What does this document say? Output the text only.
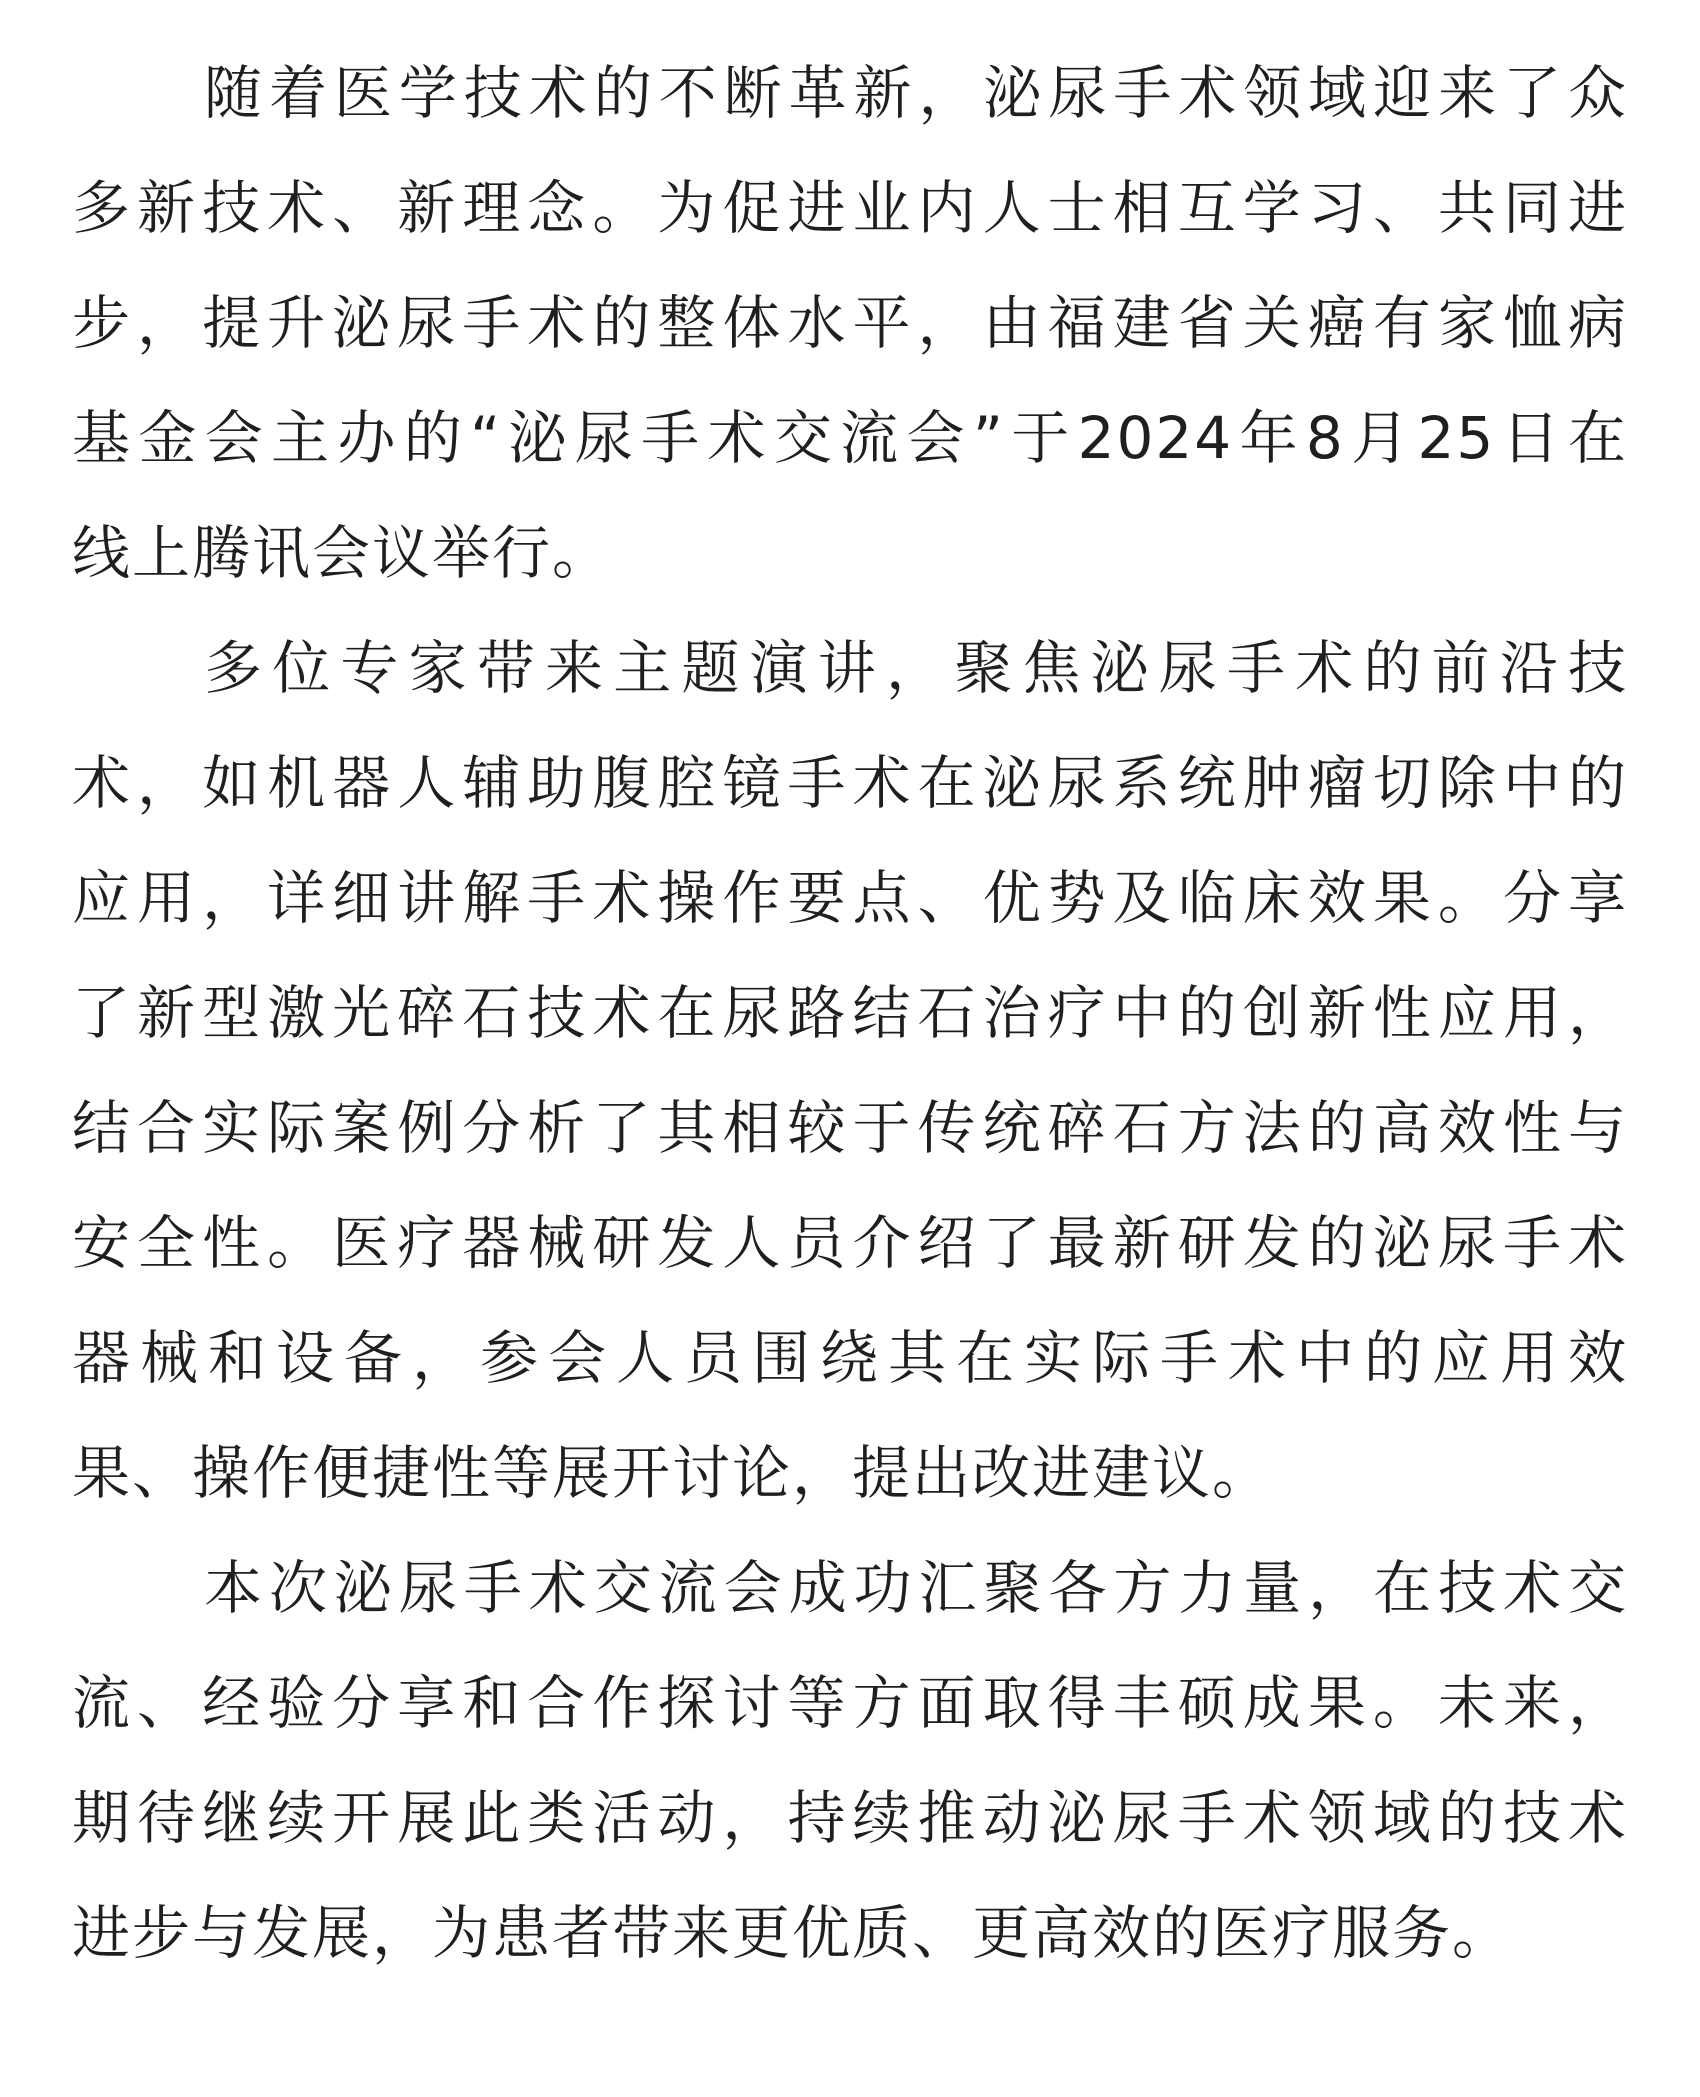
随着医学技术的不断革新，泌尿手术领域迎来了众
多新技术、新理念。为促进业内人士相互学习、共同进
步，提升泌尿手术的整体水平，由福建省关癌有家恤病
基金会主办的“泌尿手术交流会”于2024年8月25日在
线上腾讯会议举行。
多位专家带来主题演讲，聚焦泌尿手术的前沿技
术，如机器人辅助腹腔镜手术在泌尿系统肿瘤切除中的
应用，详细讲解手术操作要点、优势及临床效果。分享
了新型激光碎石技术在尿路结石治疗中的创新性应用，
结合实际案例分析了其相较于传统碎石方法的高效性与
安全性。医疗器械研发人员介绍了最新研发的泌尿手术
器械和设备，参会人员围绕其在实际手术中的应用效
果、操作便捷性等展开讨论，提出改进建议。
本次泌尿手术交流会成功汇聚各方力量，在技术交
流、经验分享和合作探讨等方面取得丰硕成果。未来，
期待继续开展此类活动，持续推动泌尿手术领域的技术
进步与发展，为患者带来更优质、更高效的医疗服务。
